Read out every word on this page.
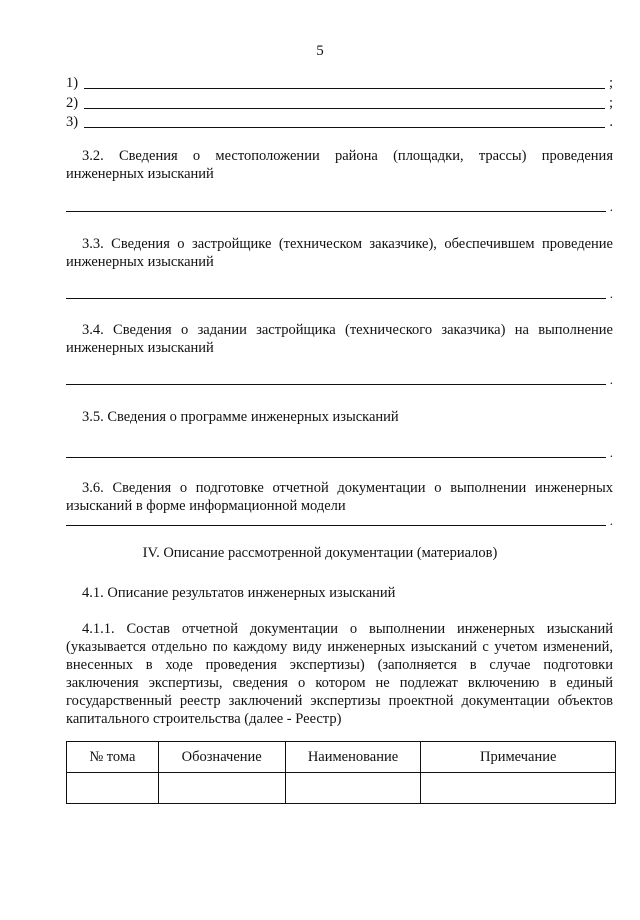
5
1)	;
2)	;
3)	.
3.2. Сведения о местоположении района (площадки, трассы) проведения инженерных изысканий
.
3.3. Сведения о застройщике (техническом заказчике), обеспечившем проведение инженерных изысканий
.
3.4. Сведения о задании застройщика (технического заказчика) на выполнение инженерных изысканий
.
3.5. Сведения о программе инженерных изысканий
.
3.6. Сведения о подготовке отчетной документации о выполнении инженерных изысканий в форме информационной модели
.
IV. Описание рассмотренной документации (материалов)
4.1. Описание результатов инженерных изысканий
4.1.1. Состав отчетной документации о выполнении инженерных изысканий (указывается отдельно по каждому виду инженерных изысканий с учетом изменений, внесенных в ходе проведения экспертизы) (заполняется в случае подготовки заключения экспертизы, сведения о котором не подлежат включению в единый государственный реестр заключений экспертизы проектной документации объектов капитального строительства (далее - Реестр)
№ тома	Обозначение	Наименование	Примечание
